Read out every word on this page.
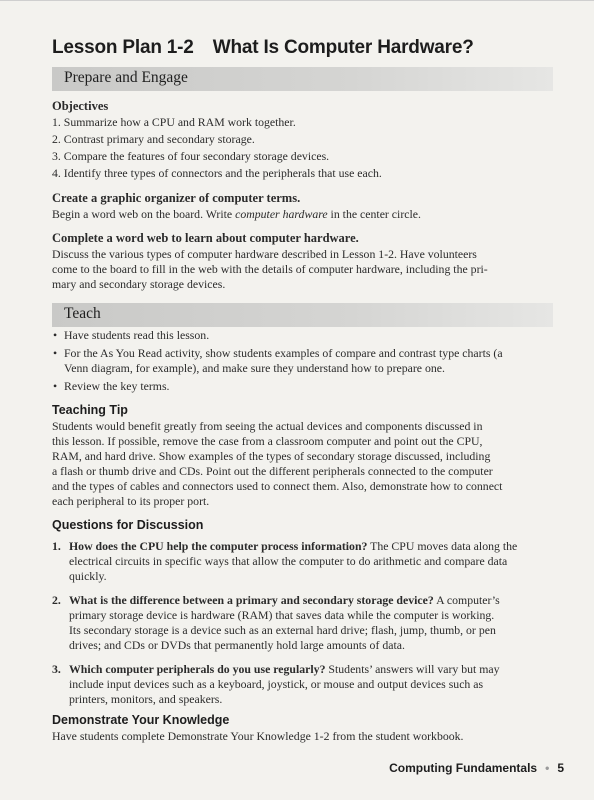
Lesson Plan 1-2 What Is Computer Hardware?
Prepare and Engage
Objectives
1. Summarize how a CPU and RAM work together.
2. Contrast primary and secondary storage.
3. Compare the features of four secondary storage devices.
4. Identify three types of connectors and the peripherals that use each.
Create a graphic organizer of computer terms.
Begin a word web on the board. Write computer hardware in the center circle.
Complete a word web to learn about computer hardware.
Discuss the various types of computer hardware described in Lesson 1-2. Have volunteers
come to the board to fill in the web with the details of computer hardware, including the pri-
mary and secondary storage devices.
Teach
• Have students read this lesson.
• For the As You Read activity, show students examples of compare and contrast type charts (a
Venn diagram, for example), and make sure they understand how to prepare one.
• Review the key terms.
Teaching Tip
Students would benefit greatly from seeing the actual devices and components discussed in
this lesson. If possible, remove the case from a classroom computer and point out the CPU,
RAM, and hard drive. Show examples of the types of secondary storage discussed, including
a flash or thumb drive and CDs. Point out the different peripherals connected to the computer
and the types of cables and connectors used to connect them. Also, demonstrate how to connect
each peripheral to its proper port.
Questions for Discussion
1. How does the CPU help the computer process information? The CPU moves data along the
electrical circuits in specific ways that allow the computer to do arithmetic and compare data
quickly.
2. What is the difference between a primary and secondary storage device? A computer’s
primary storage device is hardware (RAM) that saves data while the computer is working.
Its secondary storage is a device such as an external hard drive; flash, jump, thumb, or pen
drives; and CDs or DVDs that permanently hold large amounts of data.
3. Which computer peripherals do you use regularly? Students’ answers will vary but may
include input devices such as a keyboard, joystick, or mouse and output devices such as
printers, monitors, and speakers.
Demonstrate Your Knowledge
Have students complete Demonstrate Your Knowledge 1-2 from the student workbook.
Computing Fundamentals • 5
